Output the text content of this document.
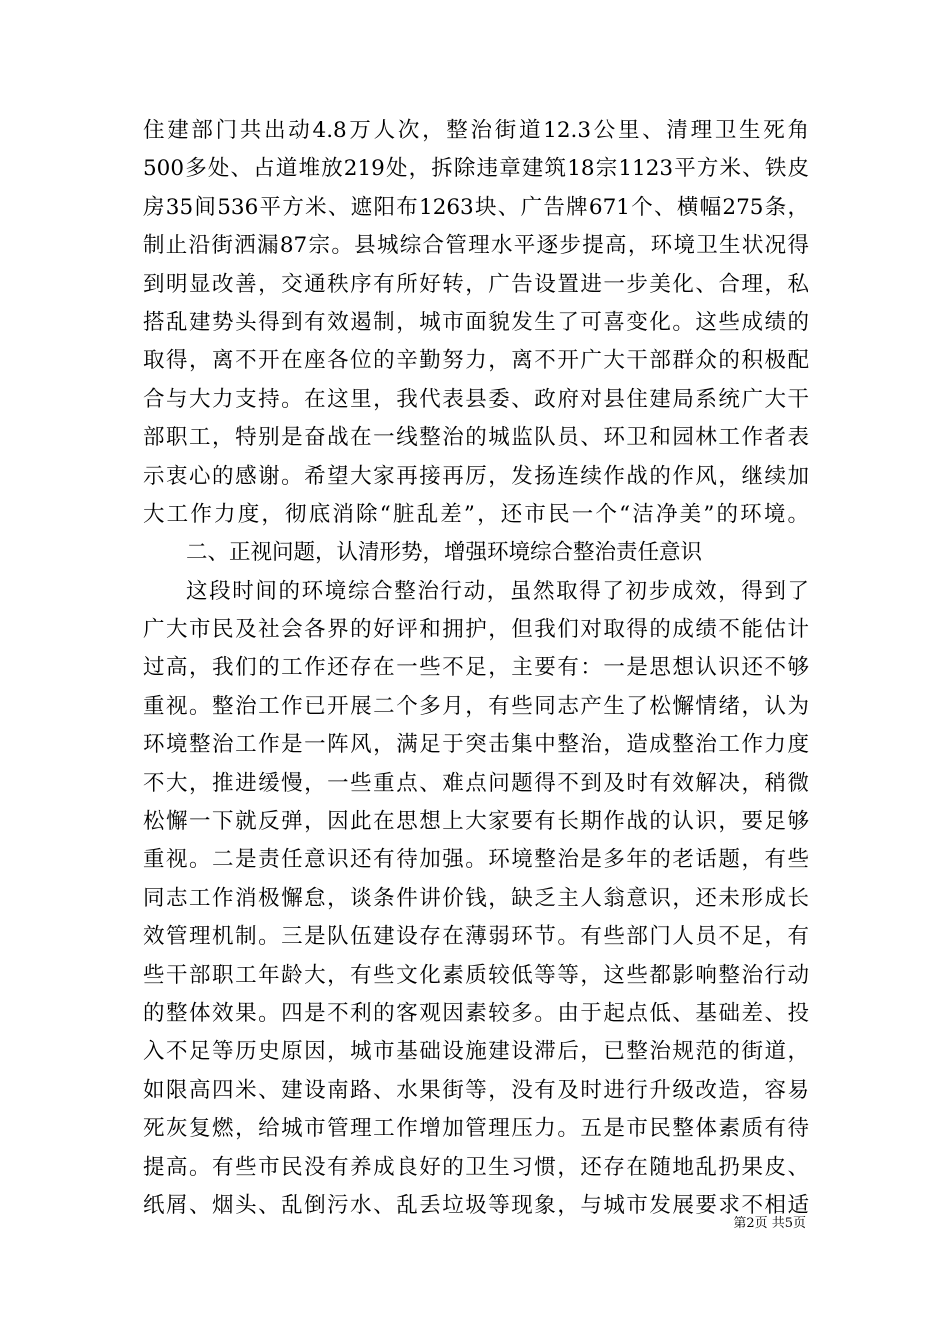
住建部门共出动4.8万人次，整治街道12.3公里、清理卫生死角
500多处、占道堆放219处，拆除违章建筑18宗1123平方米、铁皮
房35间536平方米、遮阳布1263块、广告牌671个、横幅275条，
制止沿街洒漏87宗。县城综合管理水平逐步提高，环境卫生状况得
到明显改善，交通秩序有所好转，广告设置进一步美化、合理，私
搭乱建势头得到有效遏制，城市面貌发生了可喜变化。这些成绩的
取得，离不开在座各位的辛勤努力，离不开广大干部群众的积极配
合与大力支持。在这里，我代表县委、政府对县住建局系统广大干
部职工，特别是奋战在一线整治的城监队员、环卫和园林工作者表
示衷心的感谢。希望大家再接再厉，发扬连续作战的作风，继续加
大工作力度，彻底消除“脏乱差”，还市民一个“洁净美”的环境。
二、正视问题，认清形势，增强环境综合整治责任意识
这段时间的环境综合整治行动，虽然取得了初步成效，得到了
广大市民及社会各界的好评和拥护，但我们对取得的成绩不能估计
过高，我们的工作还存在一些不足，主要有：一是思想认识还不够
重视。整治工作已开展二个多月，有些同志产生了松懈情绪，认为
环境整治工作是一阵风，满足于突击集中整治，造成整治工作力度
不大，推进缓慢，一些重点、难点问题得不到及时有效解决，稍微
松懈一下就反弹，因此在思想上大家要有长期作战的认识，要足够
重视。二是责任意识还有待加强。环境整治是多年的老话题，有些
同志工作消极懈怠，谈条件讲价钱，缺乏主人翁意识，还未形成长
效管理机制。三是队伍建设存在薄弱环节。有些部门人员不足，有
些干部职工年龄大，有些文化素质较低等等，这些都影响整治行动
的整体效果。四是不利的客观因素较多。由于起点低、基础差、投
入不足等历史原因，城市基础设施建设滞后，已整治规范的街道，
如限高四米、建设南路、水果街等，没有及时进行升级改造，容易
死灰复燃，给城市管理工作增加管理压力。五是市民整体素质有待
提高。有些市民没有养成良好的卫生习惯，还存在随地乱扔果皮、
纸屑、烟头、乱倒污水、乱丢垃圾等现象，与城市发展要求不相适
第2页 共5页
